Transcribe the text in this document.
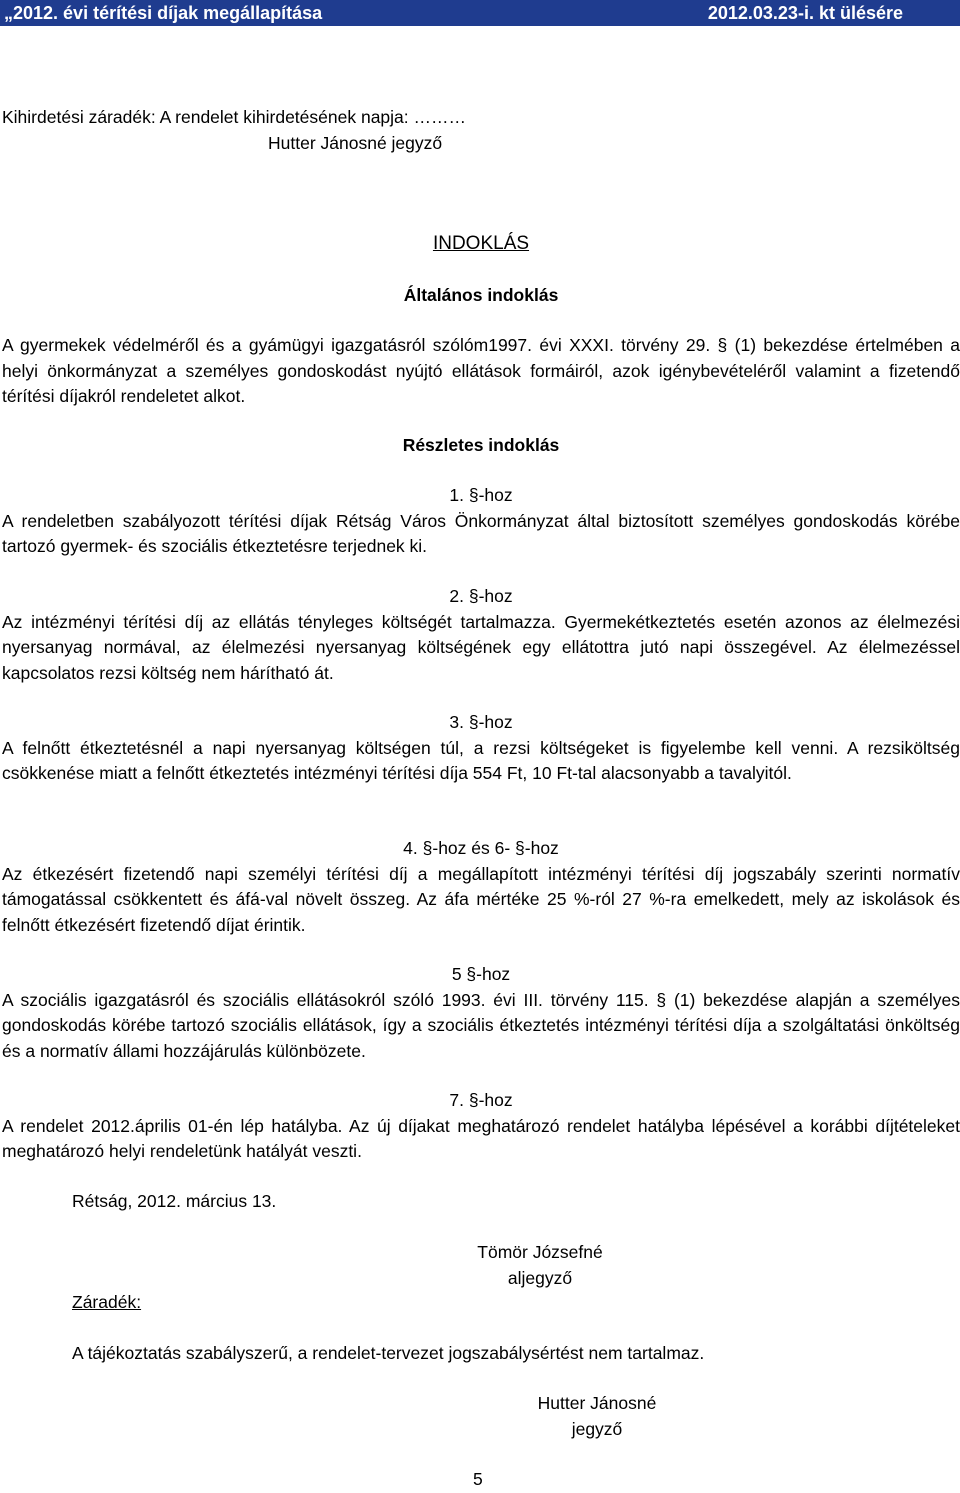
„2012. évi térítési díjak megállapítása	2012.03.23-i. kt ülésére
Kihirdetési záradék: A rendelet kihirdetésének napja: ………
Hutter Jánosné jegyző
INDOKLÁS
Általános indoklás
A gyermekek védelméről és a gyámügyi igazgatásról szólóm1997. évi XXXI. törvény 29. § (1) bekezdése értelmében a helyi önkormányzat a személyes gondoskodást nyújtó ellátások formáiról, azok igénybevételéről valamint a fizetendő térítési díjakról rendeletet alkot.
Részletes indoklás
1. §-hoz
A rendeletben szabályozott térítési díjak Rétság Város Önkormányzat által biztosított személyes gondoskodás körébe tartozó gyermek- és szociális étkeztetésre terjednek ki.
2. §-hoz
Az intézményi térítési díj az ellátás tényleges költségét tartalmazza. Gyermekétkeztetés esetén azonos az élelmezési nyersanyag normával, az élelmezési nyersanyag költségének egy ellátottra jutó napi összegével. Az élelmezéssel kapcsolatos rezsi költség nem hárítható át.
3. §-hoz
A felnőtt étkeztetésnél a napi nyersanyag költségen túl, a rezsi költségeket is figyelembe kell venni. A rezsiköltség csökkenése miatt a felnőtt étkeztetés intézményi térítési díja 554 Ft, 10 Ft-tal alacsonyabb a tavalyitól.
4. §-hoz és 6- §-hoz
Az étkezésért fizetendő napi személyi térítési díj a megállapított intézményi térítési díj jogszabály szerinti normatív támogatással csökkentett és áfá-val növelt összeg. Az áfa mértéke 25 %-ról 27 %-ra emelkedett, mely az iskolások és felnőtt étkezésért fizetendő díjat érintik.
5 §-hoz
A szociális igazgatásról és szociális ellátásokról szóló 1993. évi III. törvény 115. § (1) bekezdése alapján a személyes gondoskodás körébe tartozó szociális ellátások, így a szociális étkeztetés intézményi térítési díja a szolgáltatási önköltség és a normatív állami hozzájárulás különbözete.
7. §-hoz
A rendelet 2012.április 01-én lép hatályba. Az új díjakat meghatározó rendelet hatályba lépésével a korábbi díjtételeket meghatározó helyi rendeletünk hatályát veszti.
Rétság, 2012. március 13.
Tömör Józsefné
aljegyző
Záradék:
A tájékoztatás szabályszerű, a rendelet-tervezet jogszabálysértést nem tartalmaz.
Hutter Jánosné
jegyző
5
